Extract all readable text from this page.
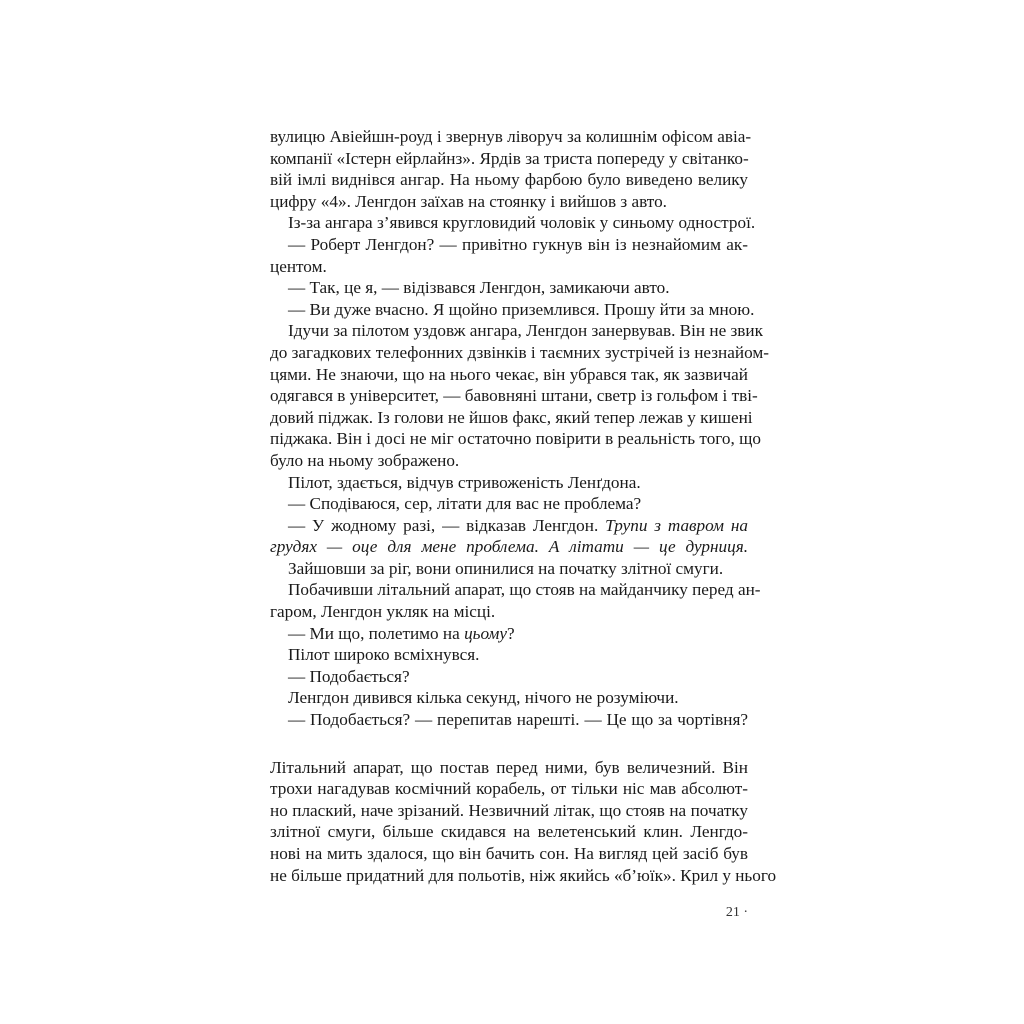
вулицю Авіейшн-роуд і звернув ліворуч за колишнім офісом авіа-
компанії «Істерн ейрлайнз». Ярдів за триста попереду у світанко-
вій імлі виднівся ангар. На ньому фарбою було виведено велику
цифру «4». Ленгдон заїхав на стоянку і вийшов з авто.
Із-за ангара з’явився кругловидий чоловік у синьому однострої.
— Роберт Ленгдон? — привітно гукнув він із незнайомим ак-
центом.
— Так, це я, — відізвався Ленгдон, замикаючи авто.
— Ви дуже вчасно. Я щойно приземлився. Прошу йти за мною.
Ідучи за пілотом уздовж ангара, Ленгдон занервував. Він не звик
до загадкових телефонних дзвінків і таємних зустрічей із незнайом-
цями. Не знаючи, що на нього чекає, він убрався так, як зазвичай
одягався в університет, — бавовняні штани, светр із гольфом і тві-
довий піджак. Із голови не йшов факс, який тепер лежав у кишені
піджака. Він і досі не міг остаточно повірити в реальність того, що
було на ньому зображено.
Пілот, здається, відчув стривоженість Ленґдона.
— Сподіваюся, сер, літати для вас не проблема?
— У жодному разі, — відказав Ленгдон. Трупи з тавром на
грудях — оце для мене проблема. А літати — це дурниця.
Зайшовши за ріг, вони опинилися на початку злітної смуги.
Побачивши літальний апарат, що стояв на майданчику перед ан-
гаром, Ленгдон укляк на місці.
— Ми що, полетимо на цьому?
Пілот широко всміхнувся.
— Подобається?
Ленгдон дивився кілька секунд, нічого не розуміючи.
— Подобається? — перепитав нарешті. — Це що за чортівня?
Літальний апарат, що постав перед ними, був величезний. Він
трохи нагадував космічний корабель, от тільки ніс мав абсолют-
но плаский, наче зрізаний. Незвичний літак, що стояв на початку
злітної смуги, більше скидався на велетенський клин. Ленгдо-
нові на мить здалося, що він бачить сон. На вигляд цей засіб був
не більше придатний для польотів, ніж якийсь «б’юїк». Крил у нього
21 ·
